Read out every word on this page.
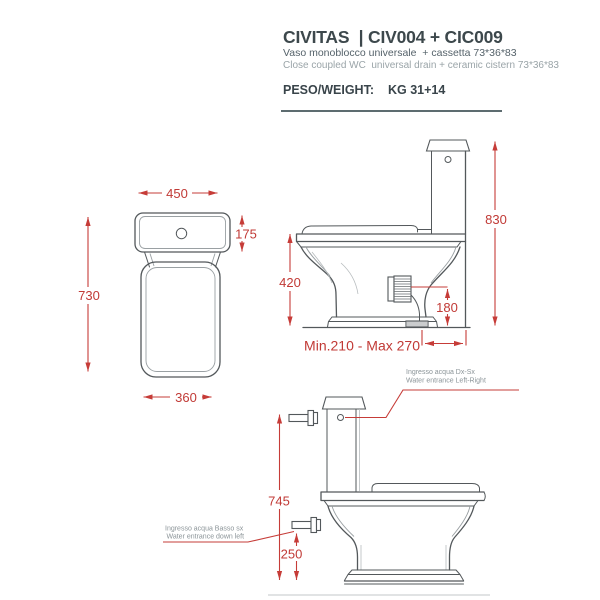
CIVITAS  | CIV004 + CIC009
Vaso monoblocco universale  + cassetta 73*36*83
Close coupled WC  universal drain + ceramic cistern 73*36*83
PESO/WEIGHT: KG 31+14
450
175
730
360
830
420
180
Min.210 - Max 270
745
250
Ingresso acqua Dx-Sx
Water entrance Left-Right
Ingresso acqua Basso sx
Water entrance down left
